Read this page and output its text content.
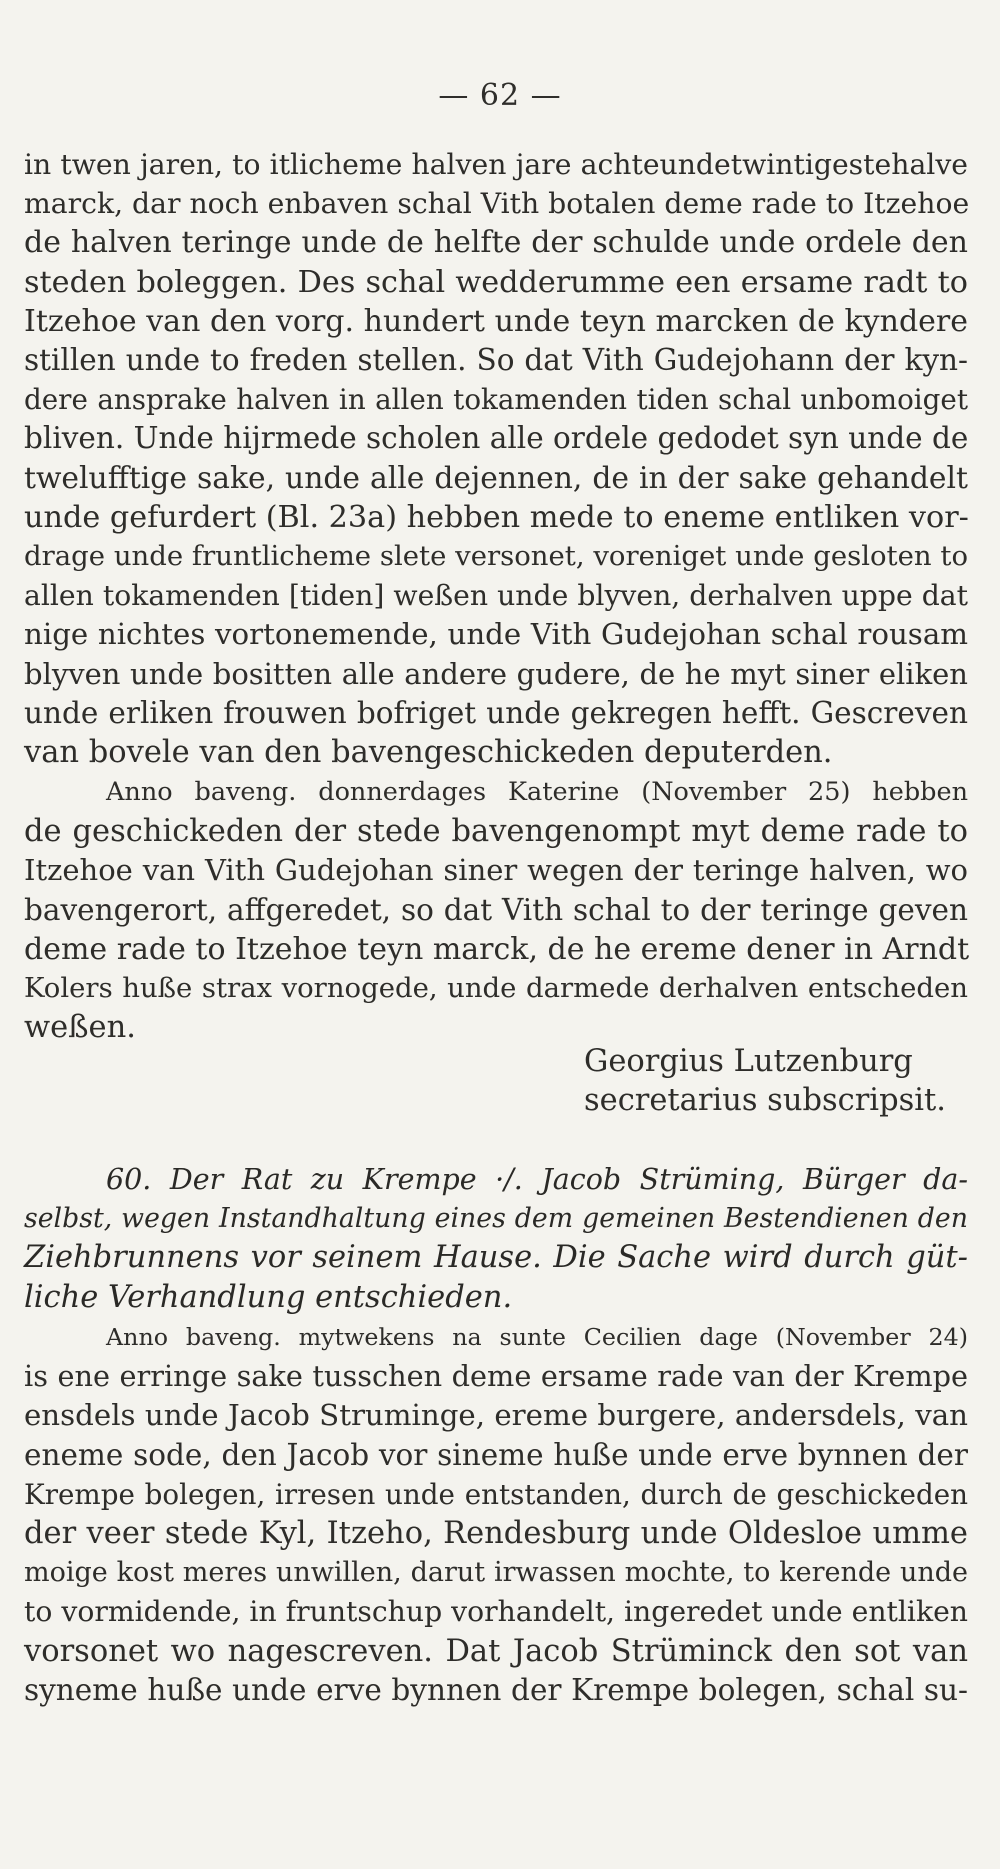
— 62 —
in twen jaren, to itlicheme halven jare achteundetwintigestehalve
marck, dar noch enbaven schal Vith botalen deme rade to Itzehoe
de halven teringe unde de helfte der schulde unde ordele den
steden boleggen. Des schal wedderumme een ersame radt to
Itzehoe van den vorg. hundert unde teyn marcken de kyndere
stillen unde to freden stellen. So dat Vith Gudejohann der kyn-
dere ansprake halven in allen tokamenden tiden schal unbomoiget
bliven. Unde hijrmede scholen alle ordele gedodet syn unde de
twelufftige sake, unde alle dejennen, de in der sake gehandelt
unde gefurdert (Bl. 23a) hebben mede to eneme entliken vor-
drage unde fruntlicheme slete versonet, voreniget unde gesloten to
allen tokamenden [tiden] weßen unde blyven, derhalven uppe dat
nige nichtes vortonemende, unde Vith Gudejohan schal rousam
blyven unde bositten alle andere gudere, de he myt siner eliken
unde erliken frouwen bofriget unde gekregen hefft. Gescreven
van bovele van den bavengeschickeden deputerden.
Anno baveng. donnerdages Katerine (November 25) hebben
de geschickeden der stede bavengenompt myt deme rade to
Itzehoe van Vith Gudejohan siner wegen der teringe halven, wo
bavengerort, affgeredet, so dat Vith schal to der teringe geven
deme rade to Itzehoe teyn marck, de he ereme dener in Arndt
Kolers huße strax vornogede, unde darmede derhalven entscheden
weßen.
Georgius Lutzenburg
secretarius subscripsit.
60. Der Rat zu Krempe ·/. Jacob Strüming, Bürger da-
selbst, wegen Instandhaltung eines dem gemeinen Bestendienen den
Ziehbrunnens vor seinem Hause. Die Sache wird durch güt-
liche Verhandlung entschieden.
Anno baveng. mytwekens na sunte Cecilien dage (November 24)
is ene erringe sake tusschen deme ersame rade van der Krempe
ensdels unde Jacob Struminge, ereme burgere, andersdels, van
eneme sode, den Jacob vor sineme huße unde erve bynnen der
Krempe bolegen, irresen unde entstanden, durch de geschickeden
der veer stede Kyl, Itzeho, Rendesburg unde Oldesloe umme
moige kost meres unwillen, darut irwassen mochte, to kerende unde
to vormidende, in fruntschup vorhandelt, ingeredet unde entliken
vorsonet wo nagescreven. Dat Jacob Strüminck den sot van
syneme huße unde erve bynnen der Krempe bolegen, schal su-
